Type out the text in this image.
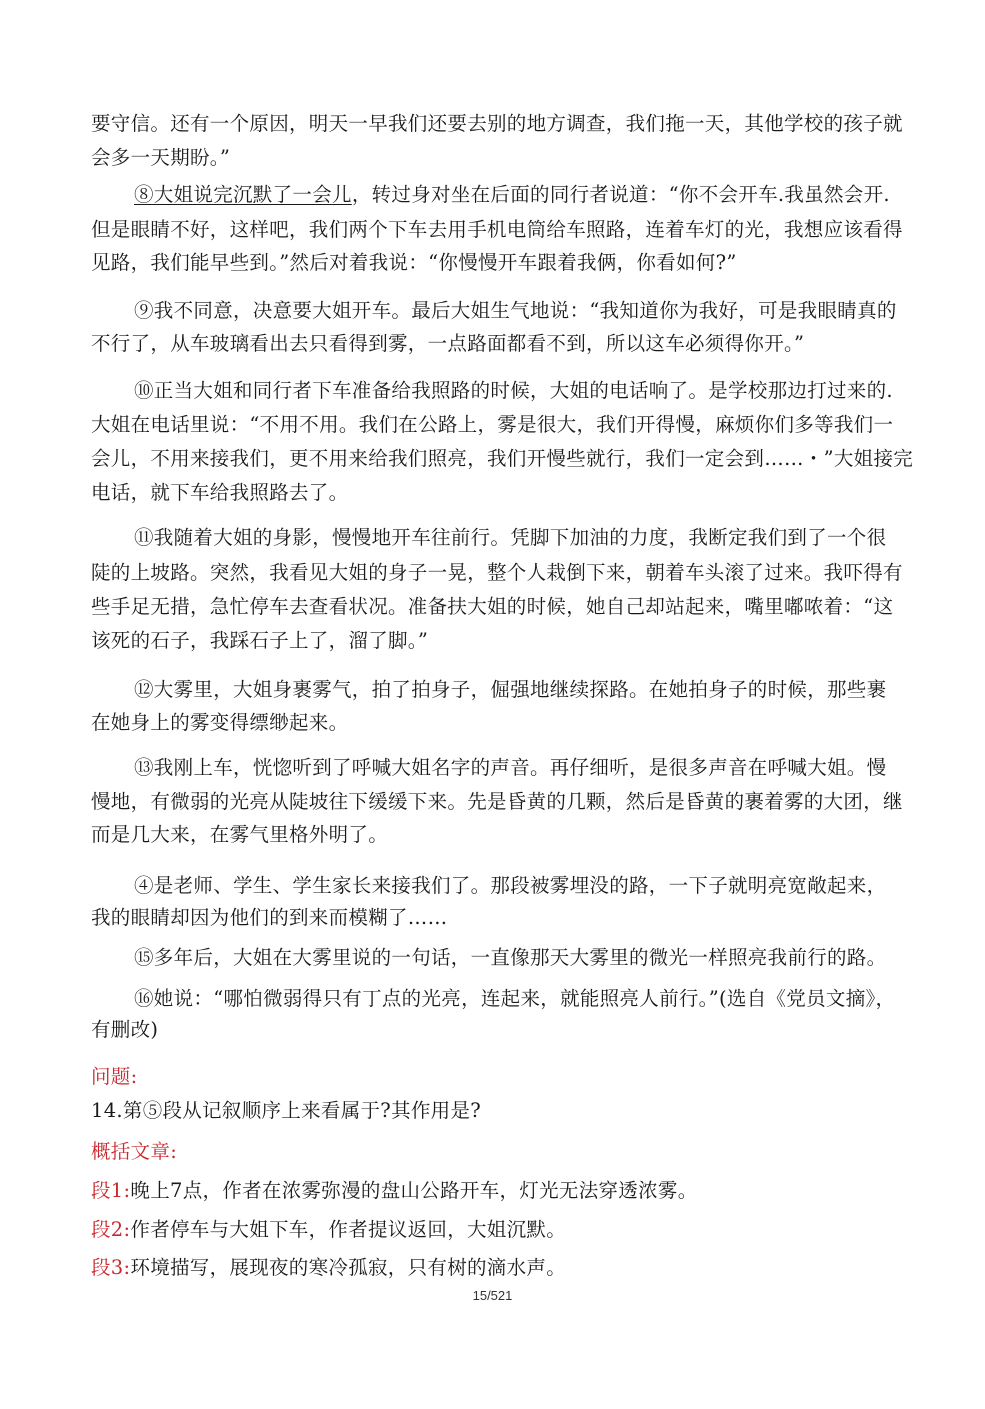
要守信。还有一个原因，明天一早我们还要去别的地方调查，我们拖一天，其他学校的孩子就
会多一天期盼。”
⑧大姐说完沉默了一会儿，转过身对坐在后面的同行者说道：“你不会开车.我虽然会开.
但是眼睛不好，这样吧，我们两个下车去用手机电筒给车照路，连着车灯的光，我想应该看得
见路，我们能早些到。”然后对着我说：“你慢慢开车跟着我俩，你看如何?”
⑨我不同意，决意要大姐开车。最后大姐生气地说：“我知道你为我好，可是我眼睛真的
不行了，从车玻璃看出去只看得到雾，一点路面都看不到，所以这车必须得你开。”
⑩正当大姐和同行者下车准备给我照路的时候，大姐的电话响了。是学校那边打过来的.
大姐在电话里说：“不用不用。我们在公路上，雾是很大，我们开得慢，麻烦你们多等我们一
会儿，不用来接我们，更不用来给我们照亮，我们开慢些就行，我们一定会到……・”大姐接完
电话，就下车给我照路去了。
⑪我随着大姐的身影，慢慢地开车往前行。凭脚下加油的力度，我断定我们到了一个很
陡的上坡路。突然，我看见大姐的身子一晃，整个人栽倒下来，朝着车头滚了过来。我吓得有
些手足无措，急忙停车去查看状况。准备扶大姐的时候，她自己却站起来，嘴里嘟哝着：“这
该死的石子，我踩石子上了，溜了脚。”
⑫大雾里，大姐身裹雾气，拍了拍身子，倔强地继续探路。在她拍身子的时候，那些裹
在她身上的雾变得缥缈起来。
⑬我刚上车，恍惚听到了呼喊大姐名字的声音。再仔细听，是很多声音在呼喊大姐。慢
慢地，有微弱的光亮从陡坡往下缓缓下来。先是昏黄的几颗，然后是昏黄的裹着雾的大团，继
而是几大来，在雾气里格外明了。
④是老师、学生、学生家长来接我们了。那段被雾埋没的路，一下子就明亮宽敞起来，
我的眼睛却因为他们的到来而模糊了……
⑮多年后，大姐在大雾里说的一句话，一直像那天大雾里的微光一样照亮我前行的路。
⑯她说：“哪怕微弱得只有丁点的光亮，连起来，就能照亮人前行。”(选自《党员文摘》，
有删改)
问题:
14.第⑤段从记叙顺序上来看属于?其作用是?
概括文章:
段1:晚上7点，作者在浓雾弥漫的盘山公路开车，灯光无法穿透浓雾。
段2:作者停车与大姐下车，作者提议返回，大姐沉默。
段3:环境描写，展现夜的寒冷孤寂，只有树的滴水声。
15/521
